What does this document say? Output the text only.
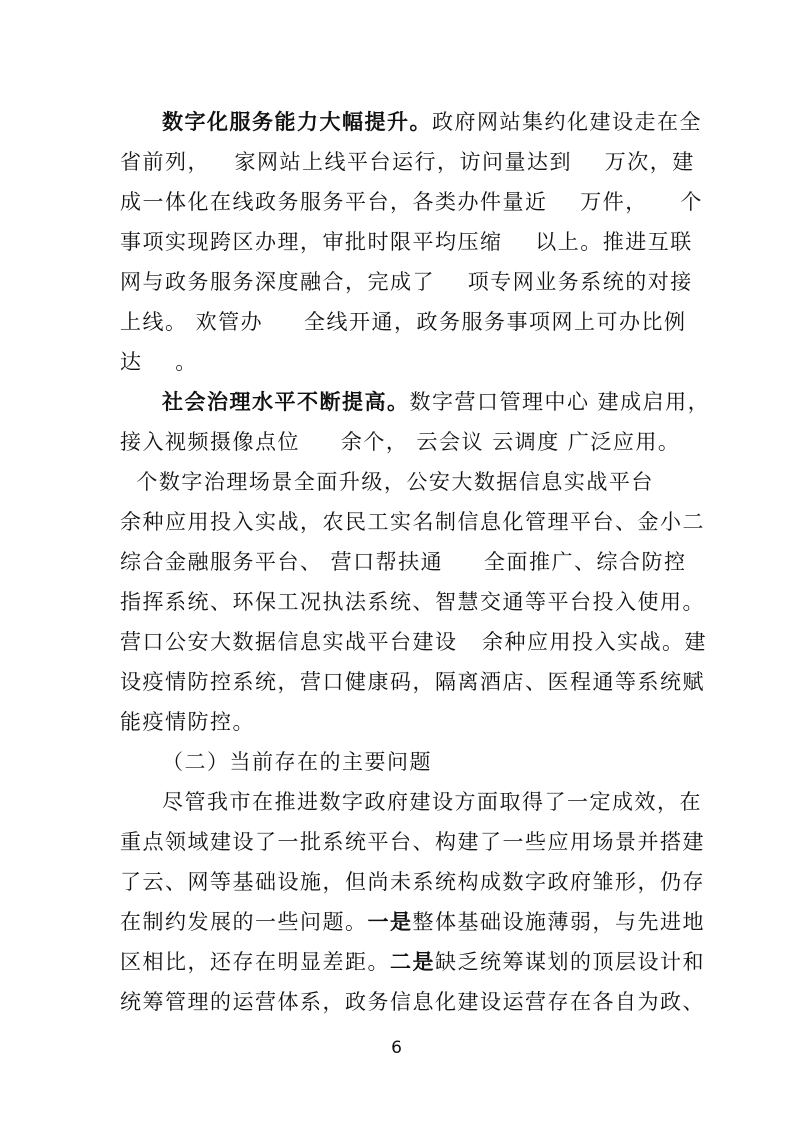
数字化服务能力大幅提升。政府网站集约化建设走在全
省前列，   家网站上线平台运行，访问量达到    万次，建
成一体化在线政务服务平台，各类办件量近    万件，    个
事项实现跨区办理，审批时限平均压缩    以上。推进互联
网与政务服务深度融合，完成了    项专网业务系统的对接
上线。 欢管办     全线开通，政务服务事项网上可办比例
达    。
社会治理水平不断提高。数字营口管理中心 建成启用，
接入视频摄像点位     余个， 云会议 云调度 广泛应用。
个数字治理场景全面升级，公安大数据信息实战平台
余种应用投入实战，农民工实名制信息化管理平台、金小二
综合金融服务平台、 营口帮扶通     全面推广、综合防控
指挥系统、环保工况执法系统、智慧交通等平台投入使用。
营口公安大数据信息实战平台建设   余种应用投入实战。建
设疫情防控系统，营口健康码，隔离酒店、医程通等系统赋
能疫情防控。
（二）当前存在的主要问题
尽管我市在推进数字政府建设方面取得了一定成效，在
重点领域建设了一批系统平台、构建了一些应用场景并搭建
了云、网等基础设施，但尚未系统构成数字政府雏形，仍存
在制约发展的一些问题。一是整体基础设施薄弱，与先进地
区相比，还存在明显差距。二是缺乏统筹谋划的顶层设计和
统筹管理的运营体系，政务信息化建设运营存在各自为政、
6
